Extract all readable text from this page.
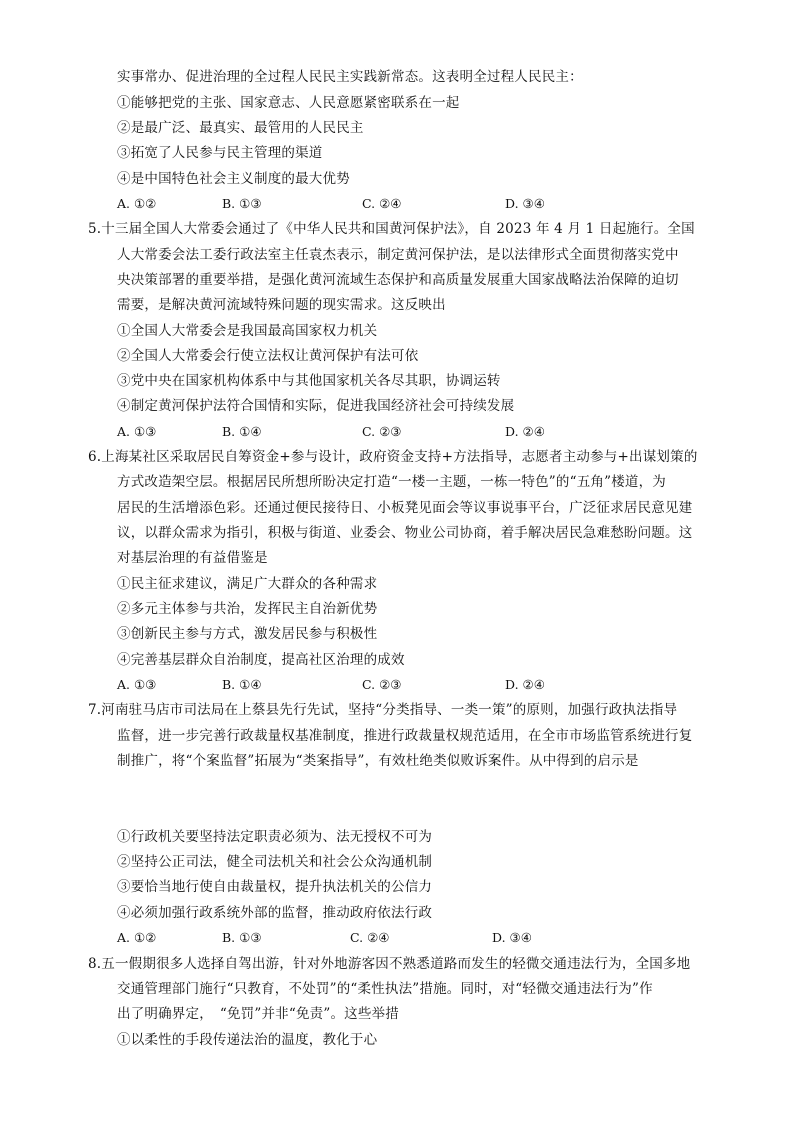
实事常办、促进治理的全过程人民民主实践新常态。这表明全过程人民民主：
①能够把党的主张、国家意志、人民意愿紧密联系在一起
②是最广泛、最真实、最管用的人民民主
③拓宽了人民参与民主管理的渠道
④是中国特色社会主义制度的最大优势
A. ①②	B. ①③	C. ②④	D. ③④
5.十三届全国人大常委会通过了《中华人民共和国黄河保护法》，自 2023 年 4 月 1 日起施行。全国
人大常委会法工委行政法室主任袁杰表示，制定黄河保护法，是以法律形式全面贯彻落实党中
央决策部署的重要举措，是强化黄河流域生态保护和高质量发展重大国家战略法治保障的迫切
需要，是解决黄河流域特殊问题的现实需求。这反映出
①全国人大常委会是我国最高国家权力机关
②全国人大常委会行使立法权让黄河保护有法可依
③党中央在国家机构体系中与其他国家机关各尽其职，协调运转
④制定黄河保护法符合国情和实际，促进我国经济社会可持续发展
A. ①③	B. ①④	C. ②③	D. ②④
6.上海某社区采取居民自筹资金+参与设计，政府资金支持+方法指导，志愿者主动参与+出谋划策的
方式改造架空层。根据居民所想所盼决定打造“一楼一主题，一栋一特色”的“五角”楼道，为
居民的生活增添色彩。还通过便民接待日、小板凳见面会等议事说事平台，广泛征求居民意见建
议，以群众需求为指引，积极与街道、业委会、物业公司协商，着手解决居民急难愁盼问题。这
对基层治理的有益借鉴是
①民主征求建议，满足广大群众的各种需求
②多元主体参与共治，发挥民主自治新优势
③创新民主参与方式，激发居民参与积极性
④完善基层群众自治制度，提高社区治理的成效
A. ①③	B. ①④	C. ②③	D. ②④
7.河南驻马店市司法局在上蔡县先行先试，坚持“分类指导、一类一策”的原则，加强行政执法指导
监督，进一步完善行政裁量权基准制度，推进行政裁量权规范适用，在全市市场监管系统进行复
制推广，将“个案监督”拓展为“类案指导”，有效杜绝类似败诉案件。从中得到的启示是
①行政机关要坚持法定职责必须为、法无授权不可为
②坚持公正司法，健全司法机关和社会公众沟通机制
③要恰当地行使自由裁量权，提升执法机关的公信力
④必须加强行政系统外部的监督，推动政府依法行政
A. ①②	B. ①③	C. ②④	D. ③④
8.五一假期很多人选择自驾出游，针对外地游客因不熟悉道路而发生的轻微交通违法行为，全国多地
交通管理部门施行“只教育，不处罚”的“柔性执法”措施。同时，对“轻微交通违法行为”作
出了明确界定，　“免罚”并非“免责”。这些举措
①以柔性的手段传递法治的温度，教化于心
